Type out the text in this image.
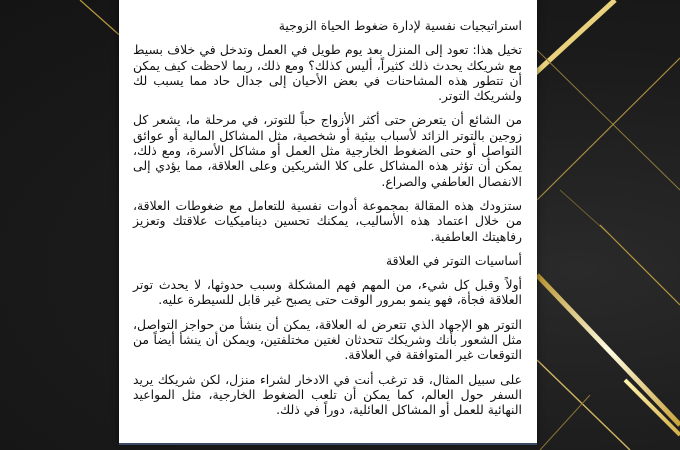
استراتيجيات نفسية لإدارة ضغوط الحياة الزوجية

تخيل هذا: تعود إلى المنزل بعد يوم طويل في العمل وتدخل في خلاف بسيط مع شريكك يحدث ذلك كثيراً، أليس كذلك؟ ومع ذلك، ربما لاحظت كيف يمكن أن تتطور هذه المشاحنات في بعض الأحيان إلى جدال حاد مما يسبب لك ولشريكك التوتر.

من الشائع أن يتعرض حتى أكثر الأزواج حباً للتوتر، في مرحلة ما، يشعر كل زوجين بالتوتر الزائد لأسباب بيئية أو شخصية، مثل المشاكل المالية أو عوائق التواصل أو حتى الضغوط الخارجية مثل العمل أو مشاكل الأسرة، ومع ذلك، يمكن أن تؤثر هذه المشاكل على كلا الشريكين وعلى العلاقة، مما يؤدي إلى الانفصال العاطفي والصراع.

ستزودك هذه المقالة بمجموعة أدوات نفسية للتعامل مع ضغوطات العلاقة، من خلال اعتماد هذه الأساليب، يمكنك تحسين ديناميكيات علاقتك وتعزيز رفاهيتك العاطفية.

أساسيات التوتر في العلاقة

أولاً وقبل كل شيء، من المهم فهم المشكلة وسبب حدوثها، لا يحدث توتر العلاقة فجأة، فهو ينمو بمرور الوقت حتى يصبح غير قابل للسيطرة عليه.

التوتر هو الإجهاد الذي تتعرض له العلاقة، يمكن أن ينشأ من حواجز التواصل، مثل الشعور بأنك وشريكك تتحدثان لغتين مختلفتين، ويمكن أن ينشأ أيضاً من التوقعات غير المتوافقة في العلاقة.

على سبيل المثال، قد ترغب أنت في الادخار لشراء منزل، لكن شريكك يريد السفر حول العالم، كما يمكن أن تلعب الضغوط الخارجية، مثل المواعيد النهائية للعمل أو المشاكل العائلية، دوراً في ذلك.
